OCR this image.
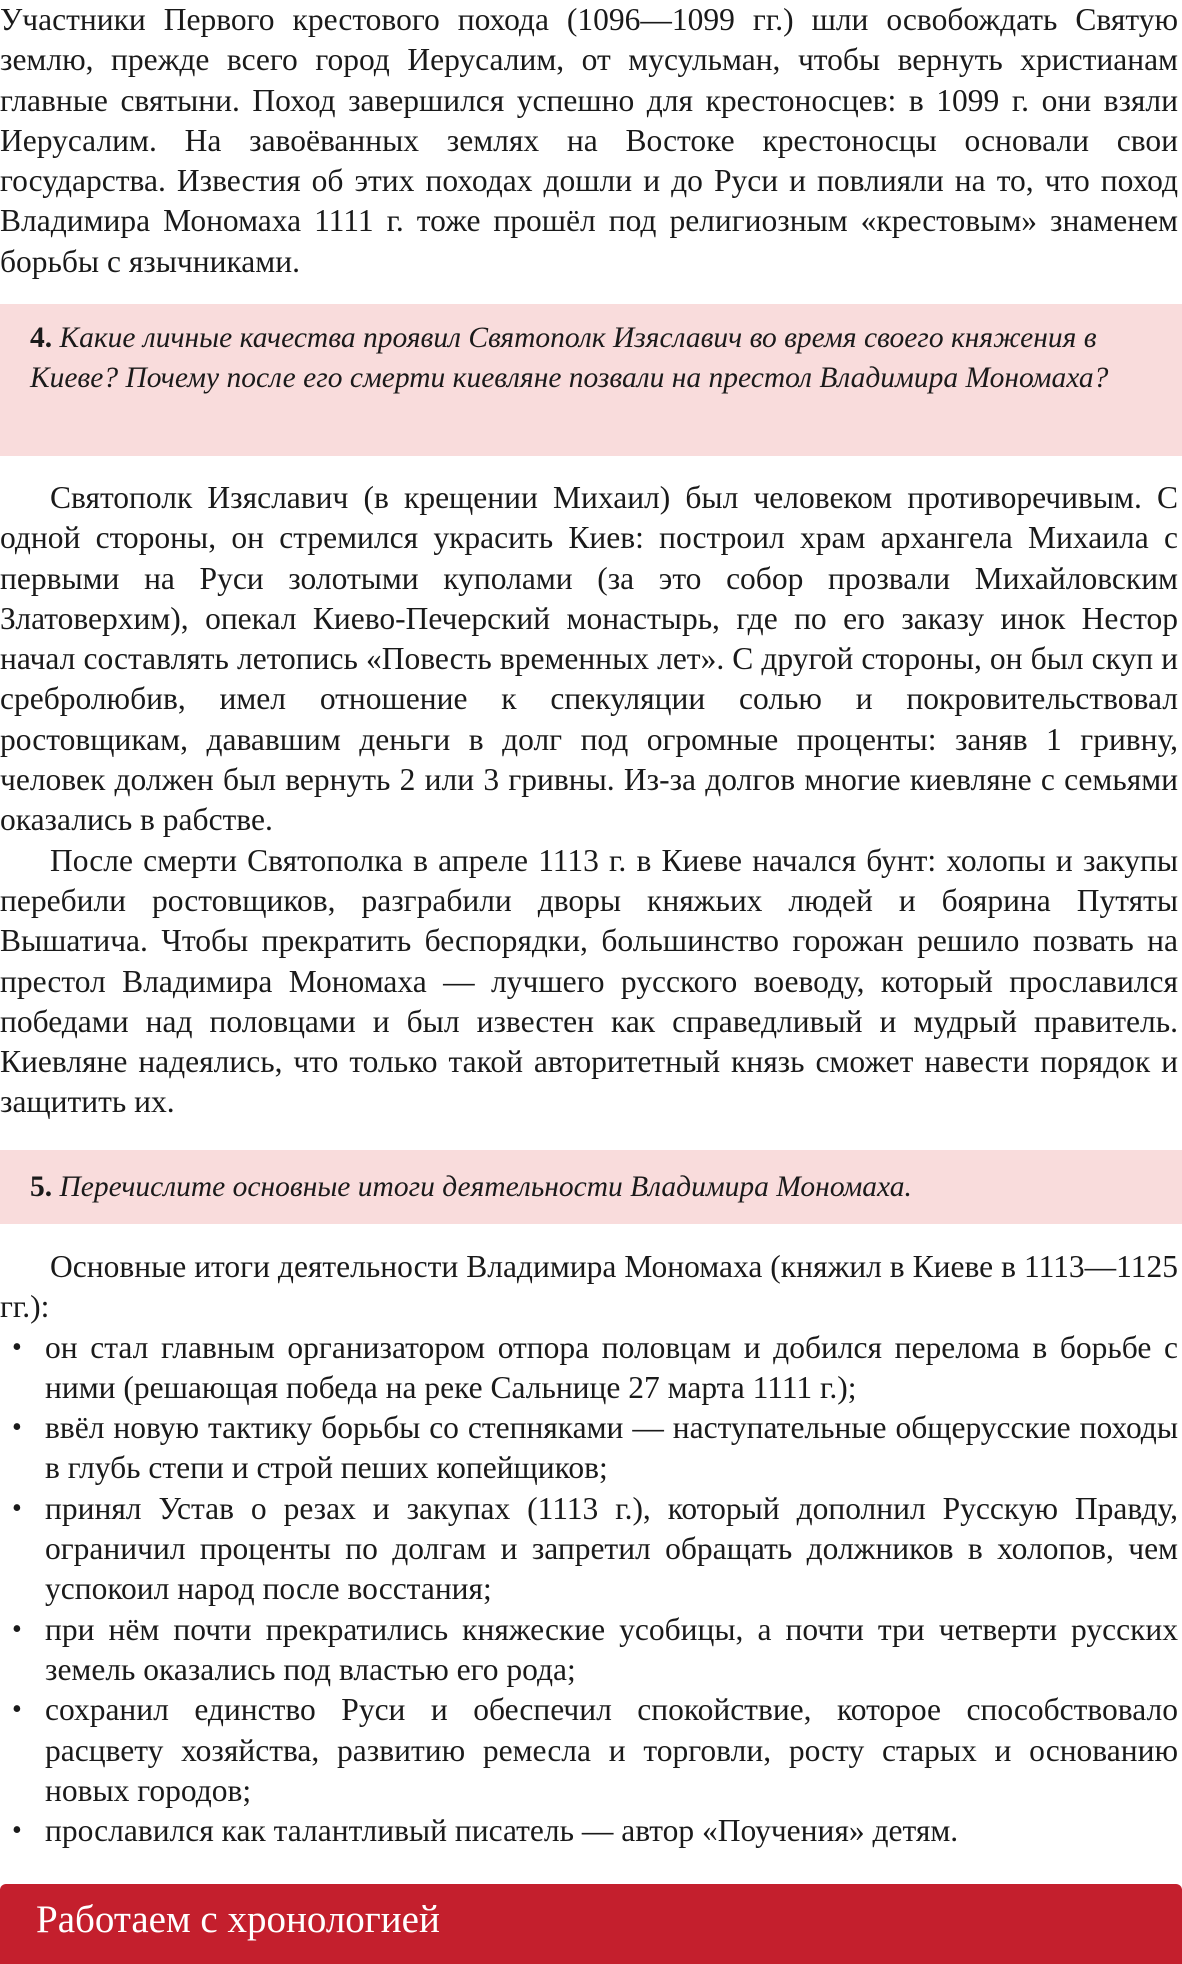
Участники Первого крестового похода (1096—1099 гг.) шли освобождать Святую землю, прежде всего город Иерусалим, от мусульман, чтобы вернуть христианам главные святыни. Поход завершился успешно для крестоносцев: в 1099 г. они взяли Иерусалим. На завоёванных землях на Востоке крестоносцы основали свои государства. Известия об этих походах дошли и до Руси и повлияли на то, что поход Владимира Мономаха 1111 г. тоже прошёл под религиозным «крестовым» знаменем борьбы с язычниками.

4. Какие личные качества проявил Святополк Изяславич во время своего княжения в Киеве? Почему после его смерти киевляне позвали на престол Владимира Мономаха?

Святополк Изяславич (в крещении Михаил) был человеком противоречивым. С одной стороны, он стремился украсить Киев: построил храм архангела Михаила с первыми на Руси золотыми куполами (за это собор прозвали Михайловским Златоверхим), опекал Киево-Печерский монастырь, где по его заказу инок Нестор начал составлять летопись «Повесть временных лет». С другой стороны, он был скуп и сребролюбив, имел отношение к спекуляции солью и покровительствовал ростовщикам, дававшим деньги в долг под огромные проценты: заняв 1 гривну, человек должен был вернуть 2 или 3 гривны. Из-за долгов многие киевляне с семьями оказались в рабстве.

После смерти Святополка в апреле 1113 г. в Киеве начался бунт: холопы и закупы перебили ростовщиков, разграбили дворы княжьих людей и боярина Путяты Вышатича. Чтобы прекратить беспорядки, большинство горожан решило позвать на престол Владимира Мономаха — лучшего русского воеводу, который прославился победами над половцами и был известен как справедливый и мудрый правитель. Киевляне надеялись, что только такой авторитетный князь сможет навести порядок и защитить их.

5. Перечислите основные итоги деятельности Владимира Мономаха.

Основные итоги деятельности Владимира Мономаха (княжил в Киеве в 1113—1125 гг.):

• он стал главным организатором отпора половцам и добился перелома в борьбе с ними (решающая победа на реке Сальнице 27 марта 1111 г.);
• ввёл новую тактику борьбы со степняками — наступательные общерусские походы в глубь степи и строй пеших копейщиков;
• принял Устав о резах и закупах (1113 г.), который дополнил Русскую Правду, ограничил проценты по долгам и запретил обращать должников в холопов, чем успокоил народ после восстания;
• при нём почти прекратились княжеские усобицы, а почти три четверти русских земель оказались под властью его рода;
• сохранил единство Руси и обеспечил спокойствие, которое способствовало расцвету хозяйства, развитию ремесла и торговли, росту старых и основанию новых городов;
• прославился как талантливый писатель — автор «Поучения» детям.
Работаем с хронологией
